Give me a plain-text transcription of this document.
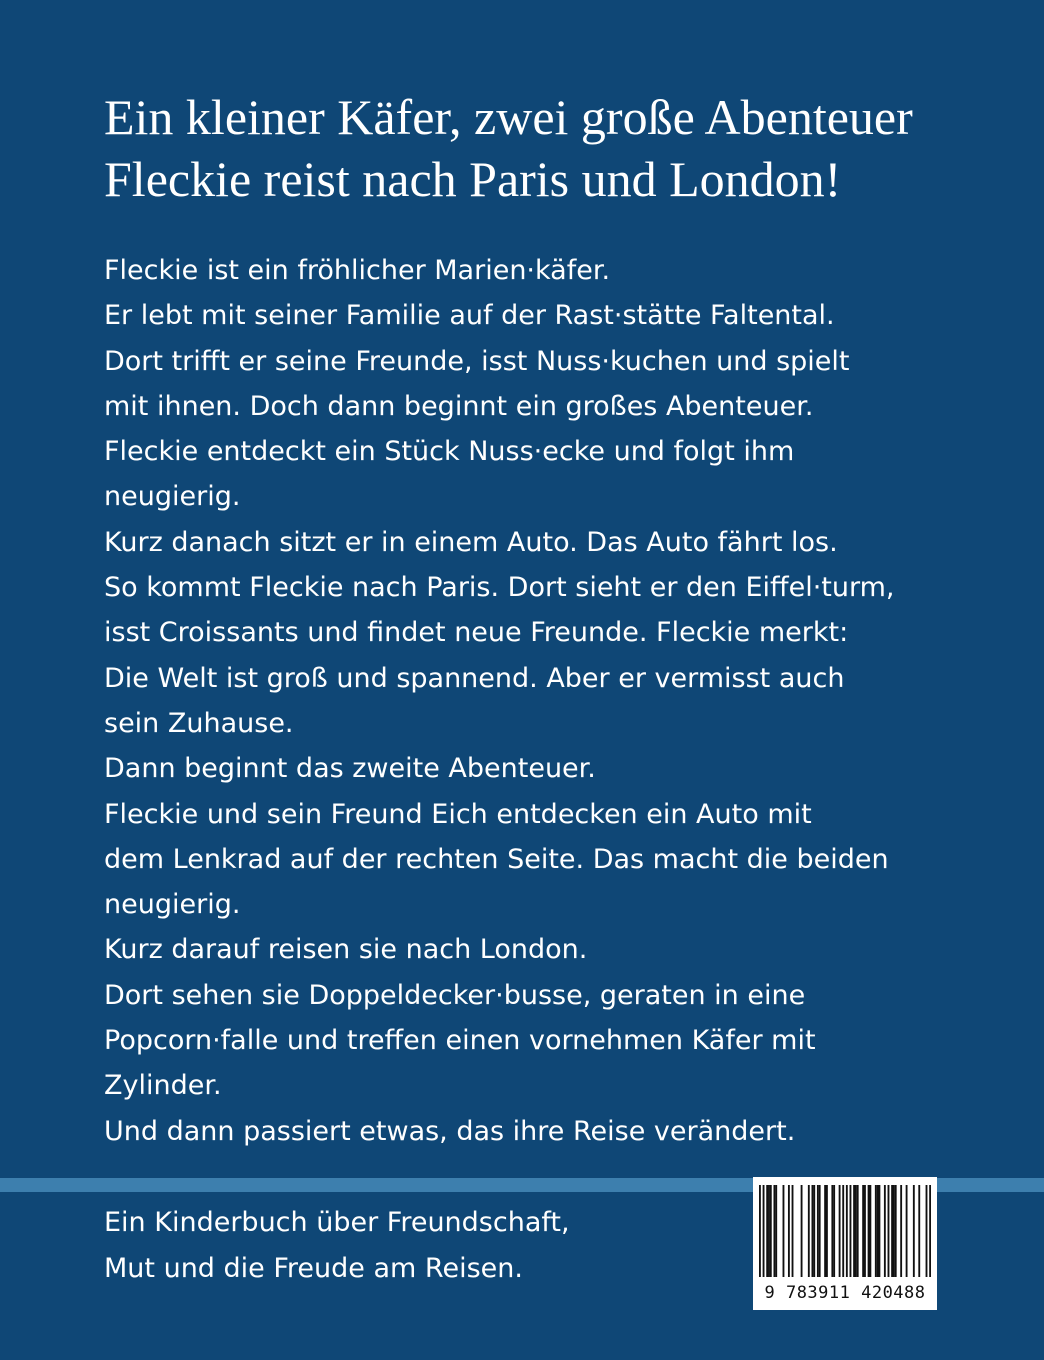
Ein kleiner Käfer, zwei große Abenteuer
Fleckie reist nach Paris und London!
Fleckie ist ein fröhlicher Marien·käfer.
Er lebt mit seiner Familie auf der Rast·stätte Faltental.
Dort trifft er seine Freunde, isst Nuss·kuchen und spielt
mit ihnen. Doch dann beginnt ein großes Abenteuer.
Fleckie entdeckt ein Stück Nuss·ecke und folgt ihm
neugierig.
Kurz danach sitzt er in einem Auto. Das Auto fährt los.
So kommt Fleckie nach Paris. Dort sieht er den Eiffel·turm,
isst Croissants und findet neue Freunde. Fleckie merkt:
Die Welt ist groß und spannend. Aber er vermisst auch
sein Zuhause.
Dann beginnt das zweite Abenteuer.
Fleckie und sein Freund Eich entdecken ein Auto mit
dem Lenkrad auf der rechten Seite. Das macht die beiden
neugierig.
Kurz darauf reisen sie nach London.
Dort sehen sie Doppeldecker·busse, geraten in eine
Popcorn·falle und treffen einen vornehmen Käfer mit
Zylinder.
Und dann passiert etwas, das ihre Reise verändert.
Ein Kinderbuch über Freundschaft,
Mut und die Freude am Reisen.
9 783911 420488
